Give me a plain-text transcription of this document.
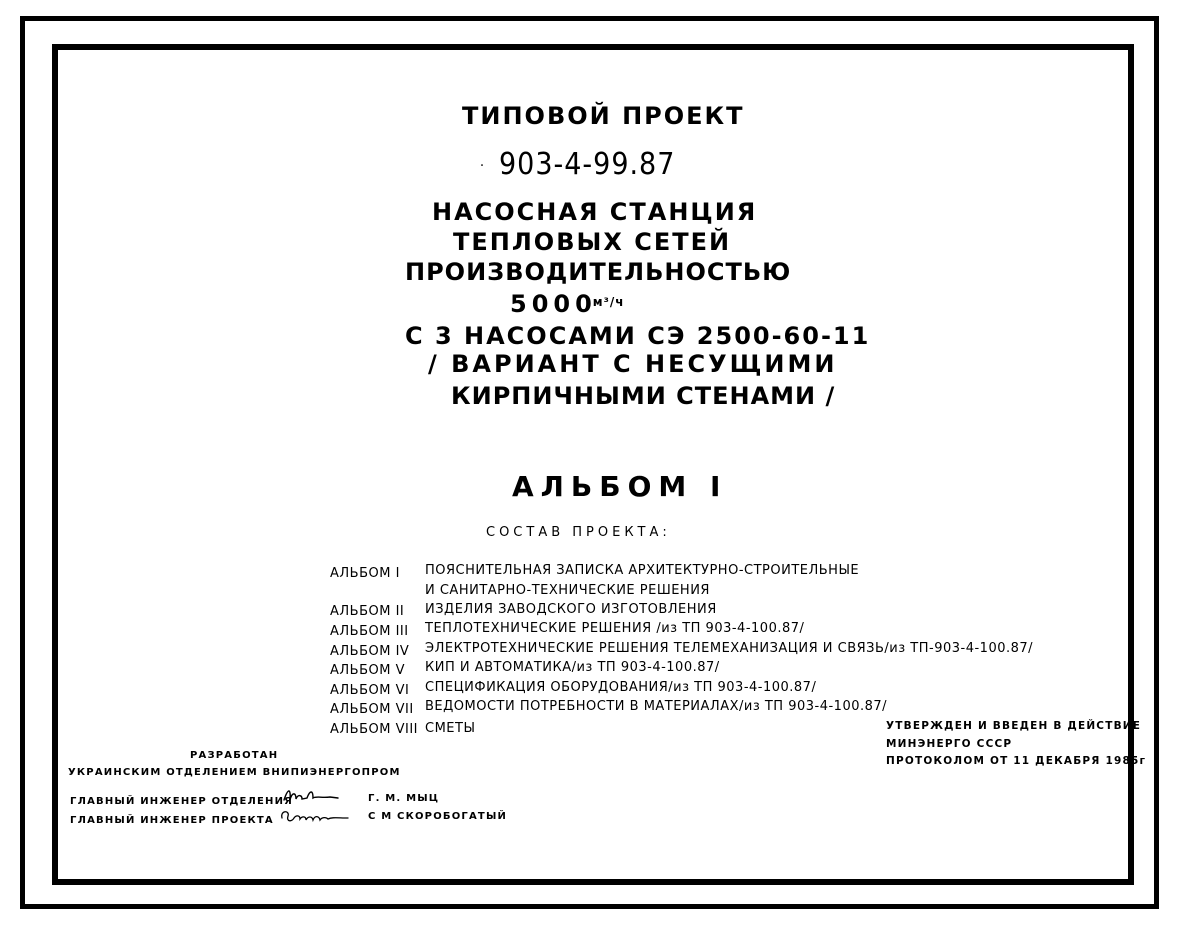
ТИПОВОЙ ПРОЕКТ
· 903-4-99.87
НАСОСНАЯ СТАНЦИЯ
ТЕПЛОВЫХ СЕТЕЙ
ПРОИЗВОДИТЕЛЬНОСТЬЮ
$5000^{м^3/ч}$
С 3 НАСОСАМИ СЭ 2500-60-11
/ ВАРИАНТ С НЕСУЩИМИ
КИРПИЧНЫМИ СТЕНАМИ /
АЛЬБОМ I
СОСТАВ ПРОЕКТА:
АЛЬБОМ I ПОЯСНИТЕЛЬНАЯ ЗАПИСКА АРХИТЕКТУРНО-СТРОИТЕЛЬНЫЕ
И САНИТАРНО-ТЕХНИЧЕСКИЕ РЕШЕНИЯ
АЛЬБОМ II ИЗДЕЛИЯ ЗАВОДСКОГО ИЗГОТОВЛЕНИЯ
АЛЬБОМ III ТЕПЛОТЕХНИЧЕСКИЕ РЕШЕНИЯ /из ТП 903-4-100.87/
АЛЬБОМ IV ЭЛЕКТРОТЕХНИЧЕСКИЕ РЕШЕНИЯ ТЕЛЕМЕХАНИЗАЦИЯ И СВЯЗЬ/из ТП-903-4-100.87/
АЛЬБОМ V КИП И АВТОМАТИКА/из ТП 903-4-100.87/
АЛЬБОМ VI СПЕЦИФИКАЦИЯ ОБОРУДОВАНИЯ/из ТП 903-4-100.87/
АЛЬБОМ VII ВЕДОМОСТИ ПОТРЕБНОСТИ В МАТЕРИАЛАХ/из ТП 903-4-100.87/
АЛЬБОМ VIII СМЕТЫ	УТВЕРЖДЕН И ВВЕДЕН В ДЕЙСТВИЕ
МИНЭНЕРГО СССР
ПРОТОКОЛОМ ОТ 11 ДЕКАБРЯ 1985г
РАЗРАБОТАН
УКРАИНСКИМ ОТДЕЛЕНИЕМ ВНИПИЭНЕРГОПРОМ
ГЛАВНЫЙ ИНЖЕНЕР ОТДЕЛЕНИЯ	Г. М. МЫЦ
ГЛАВНЫЙ ИНЖЕНЕР ПРОЕКТА	С М СКОРОБОГАТЫЙ
